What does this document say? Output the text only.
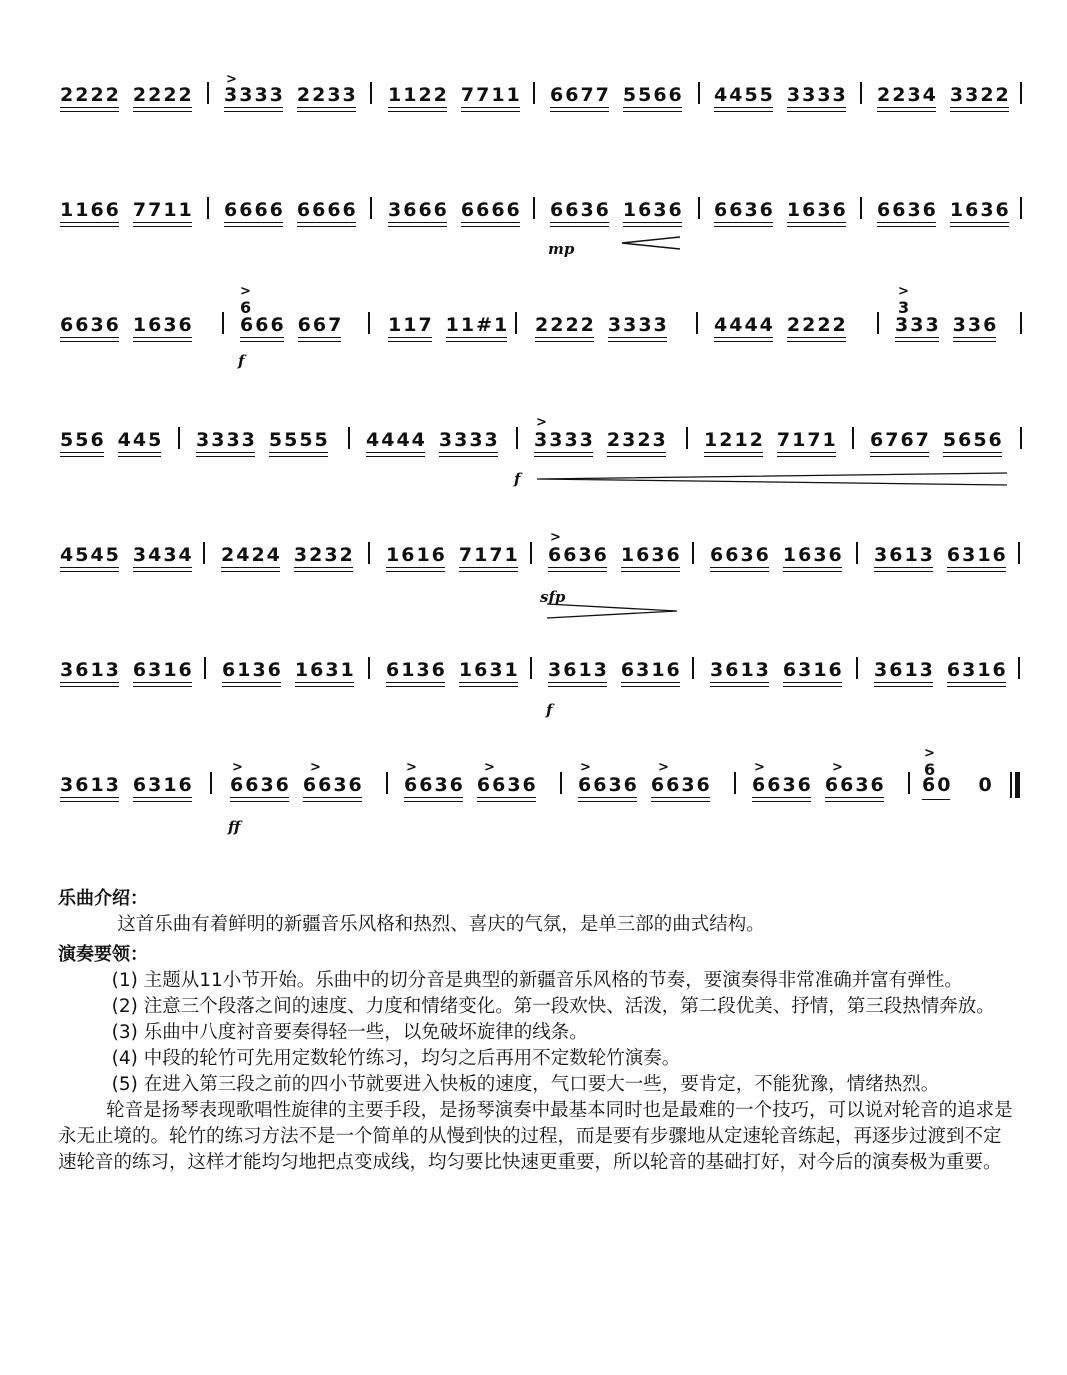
2222 2222 3333 2233
>
1122 7711 6677 5566 4455 3333 2234 3322
1166 7711 6666 6666 3666 6666 6636 1636
mp
6636 1636 6636 1636
6636 1636
>
6
666 667
f
117 11#1 2222 3333 4444 2222
>
3
333 336
556 445 3333 5555 4444 3333
>
3333 2323
f
1212 7171 6767 5656
4545 3434 2424 3232 1616 7171
>
6636 1636
sfp
6636 1636 3613 6316
3613 6316 6136 1631 6136 1631 3613 6316
f
3613 6316 3613 6316
3613 6316
>	>
6636 6636
ff
>	>
6636 6636
>	>
6636 6636
>	>
6636 6636
>
6
60 0

乐曲介绍：

这首乐曲有着鲜明的新疆音乐风格和热烈、喜庆的气氛，是单三部的曲式结构。

演奏要领：

(1) 主题从11小节开始。乐曲中的切分音是典型的新疆音乐风格的节奏，要演奏得非常准确并富有弹性。

(2) 注意三个段落之间的速度、力度和情绪变化。第一段欢快、活泼，第二段优美、抒情，第三段热情奔放。

(3) 乐曲中八度衬音要奏得轻一些，以免破坏旋律的线条。

(4) 中段的轮竹可先用定数轮竹练习，均匀之后再用不定数轮竹演奏。

(5) 在进入第三段之前的四小节就要进入快板的速度，气口要大一些，要肯定，不能犹豫，情绪热烈。

轮音是扬琴表现歌唱性旋律的主要手段，是扬琴演奏中最基本同时也是最难的一个技巧，可以说对轮音的追求是永无止境的。轮竹的练习方法不是一个简单的从慢到快的过程，而是要有步骤地从定速轮音练起，再逐步过渡到不定速轮音的练习，这样才能均匀地把点变成线，均匀要比快速更重要，所以轮音的基础打好，对今后的演奏极为重要。
